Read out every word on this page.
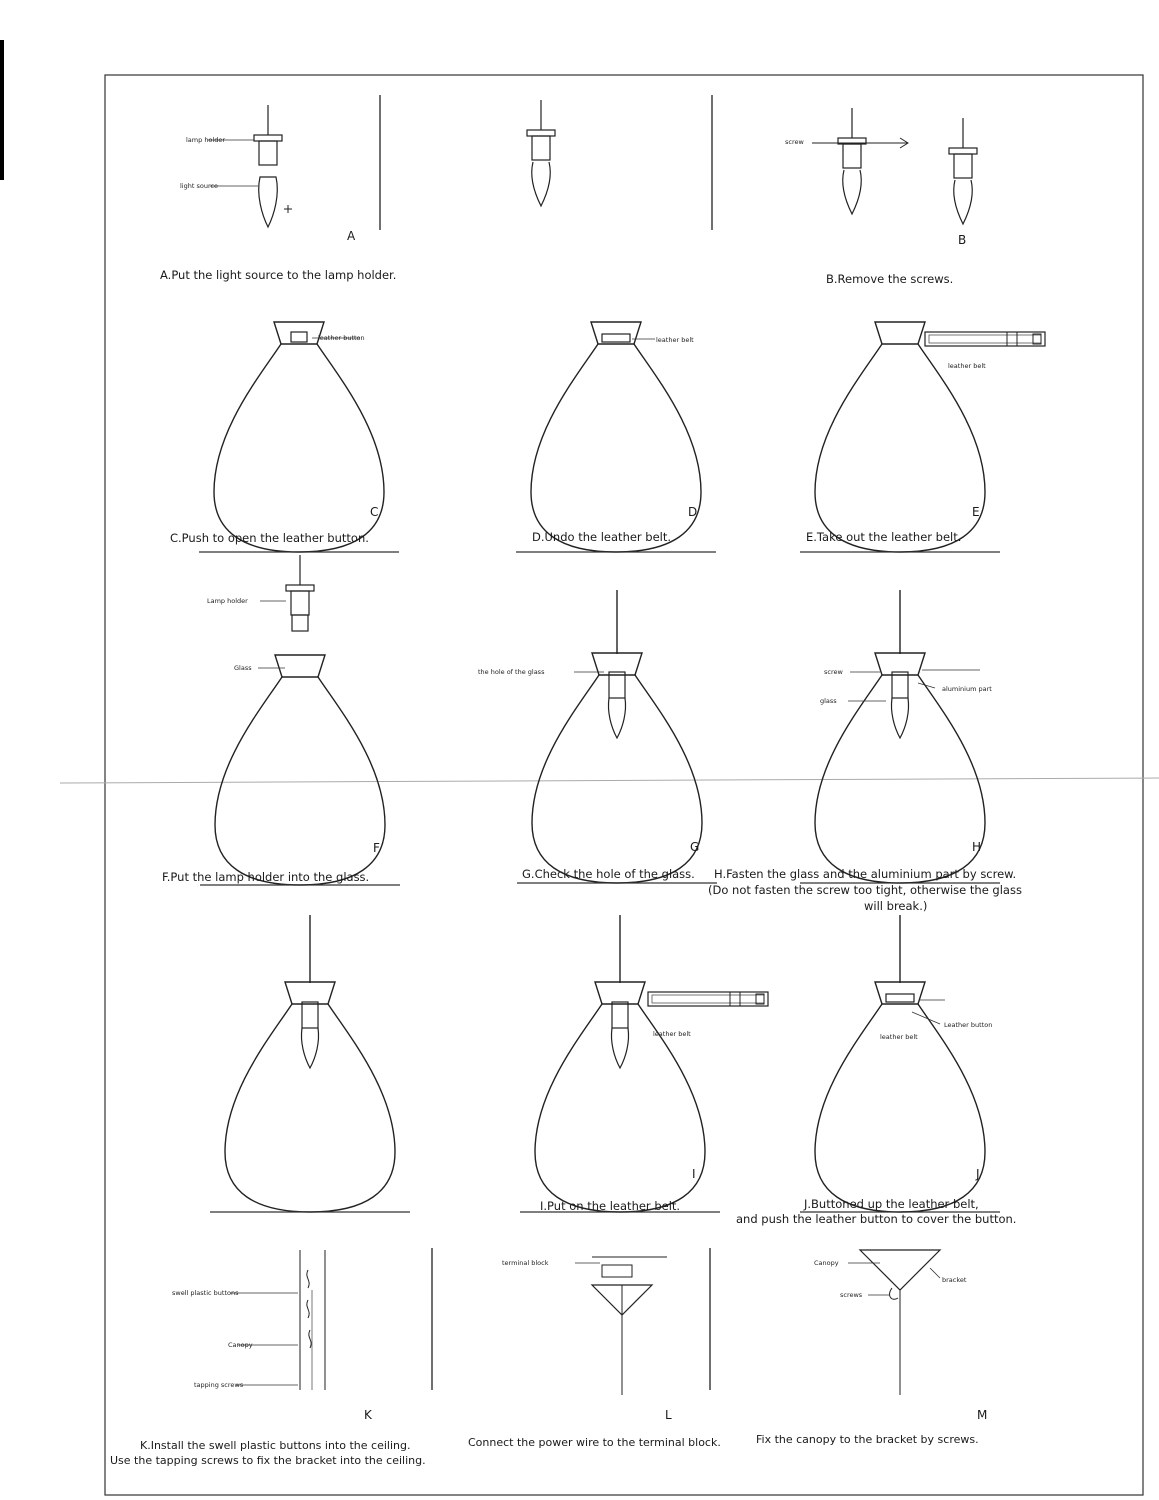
A.Put the light source to the lamp holder.	B.Remove the screws.
C.Push to open the leather button.	D.Undo the leather belt.	E.Take out the leather belt.
F.Put the lamp holder into the glass.	G.Check the hole of the glass. H.Fasten the glass and the aluminium part by screw.
(Do not fasten the screw too tight, otherwise the glass
will break.)
I.Put on the leather belt.	J.Buttoned up the leather belt,
and push the leather button to cover the button.
K.Install the swell plastic buttons into the ceiling.	Connect the power wire to the terminal block.	Fix the canopy to the bracket by screws.
Use the tapping screws to fix the bracket into the ceiling.
lamp holder
light source
screw
leather button	leather belt
leather belt
Lamp holder
Glass	the hole of the glass	screw
aluminium part
glass
leather belt
Leather button
leather belt
swell plastic buttons
Canopy
tapping screws
terminal block	Canopy
bracket
screws
A	B
C	D	E
F	G	H
I	J
K	L	M
